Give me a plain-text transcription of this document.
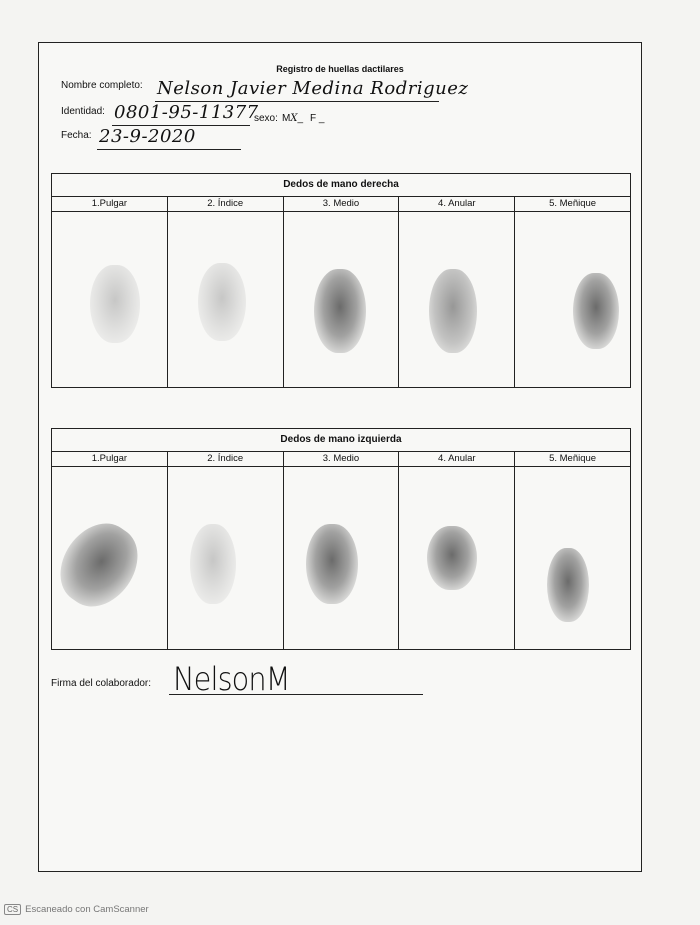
Registro de huellas dactilares
Nombre completo: Nelson Javier Medina Rodriguez
Identidad: 0801-95-11377
sexo: MX_ F _
Fecha: 23-9-2020
Dedos de mano derecha
1.Pulgar	2. Índice	3. Medio	4. Anular	5. Meñique
Dedos de mano izquierda
1.Pulgar	2. Índice	3. Medio	4. Anular	5. Meñique
Firma del colaborador: NelsonM
CS Escaneado con CamScanner
